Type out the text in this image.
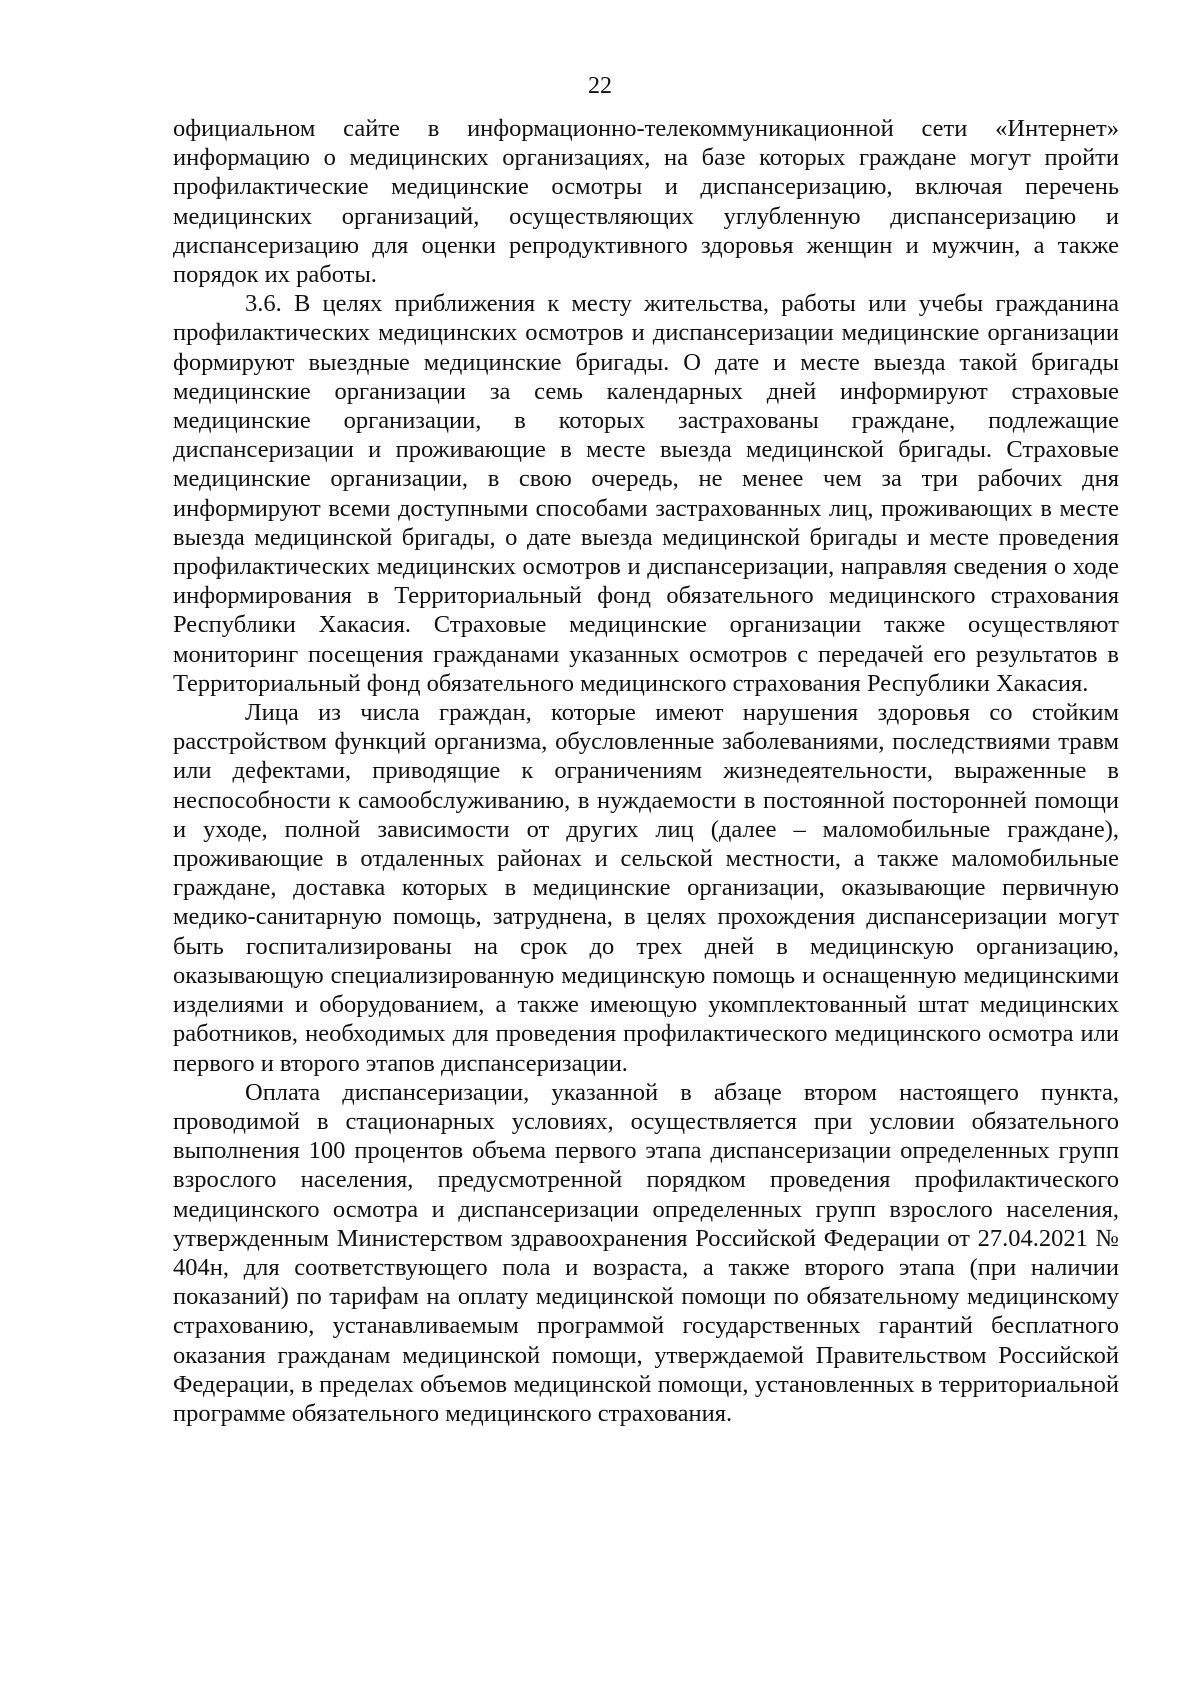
22

официальном сайте в информационно-телекоммуникационной сети «Интернет» информацию о медицинских организациях, на базе которых граждане могут пройти профилактические медицинские осмотры и диспансеризацию, включая перечень медицинских организаций, осуществляющих углубленную диспансеризацию и диспансеризацию для оценки репродуктивного здоровья женщин и мужчин, а также порядок их работы.

3.6. В целях приближения к месту жительства, работы или учебы гражданина профилактических медицинских осмотров и диспансеризации медицинские организации формируют выездные медицинские бригады. О дате и месте выезда такой бригады медицинские организации за семь календарных дней информируют страховые медицинские организации, в которых застрахованы граждане, подлежащие диспансеризации и проживающие в месте выезда медицинской бригады. Страховые медицинские организации, в свою очередь, не менее чем за три рабочих дня информируют всеми доступными способами застрахованных лиц, проживающих в месте выезда медицинской бригады, о дате выезда медицинской бригады и месте проведения профилактических медицинских осмотров и диспансеризации, направляя сведения о ходе информирования в Территориальный фонд обязательного медицинского страхования Республики Хакасия. Страховые медицинские организации также осуществляют мониторинг посещения гражданами указанных осмотров с передачей его результатов в Территориальный фонд обязательного медицинского страхования Республики Хакасия.

Лица из числа граждан, которые имеют нарушения здоровья со стойким расстройством функций организма, обусловленные заболеваниями, последствиями травм или дефектами, приводящие к ограничениям жизнедеятельности, выраженные в неспособности к самообслуживанию, в нуждаемости в постоянной посторонней помощи и уходе, полной зависимости от других лиц (далее – маломобильные граждане), проживающие в отдаленных районах и сельской местности, а также маломобильные граждане, доставка которых в медицинские организации, оказывающие первичную медико-санитарную помощь, затруднена, в целях прохождения диспансеризации могут быть госпитализированы на срок до трех дней в медицинскую организацию, оказывающую специализированную медицинскую помощь и оснащенную медицинскими изделиями и оборудованием, а также имеющую укомплектованный штат медицинских работников, необходимых для проведения профилактического медицинского осмотра или первого и второго этапов диспансеризации.

Оплата диспансеризации, указанной в абзаце втором настоящего пункта, проводимой в стационарных условиях, осуществляется при условии обязательного выполнения 100 процентов объема первого этапа диспансеризации определенных групп взрослого населения, предусмотренной порядком проведения профилактического медицинского осмотра и диспансеризации определенных групп взрослого населения, утвержденным Министерством здравоохранения Российской Федерации от 27.04.2021 № 404н, для соответствующего пола и возраста, а также второго этапа (при наличии показаний) по тарифам на оплату медицинской помощи по обязательному медицинскому страхованию, устанавливаемым программой государственных гарантий бесплатного оказания гражданам медицинской помощи, утверждаемой Правительством Российской Федерации, в пределах объемов медицинской помощи, установленных в территориальной программе обязательного медицинского страхования.
